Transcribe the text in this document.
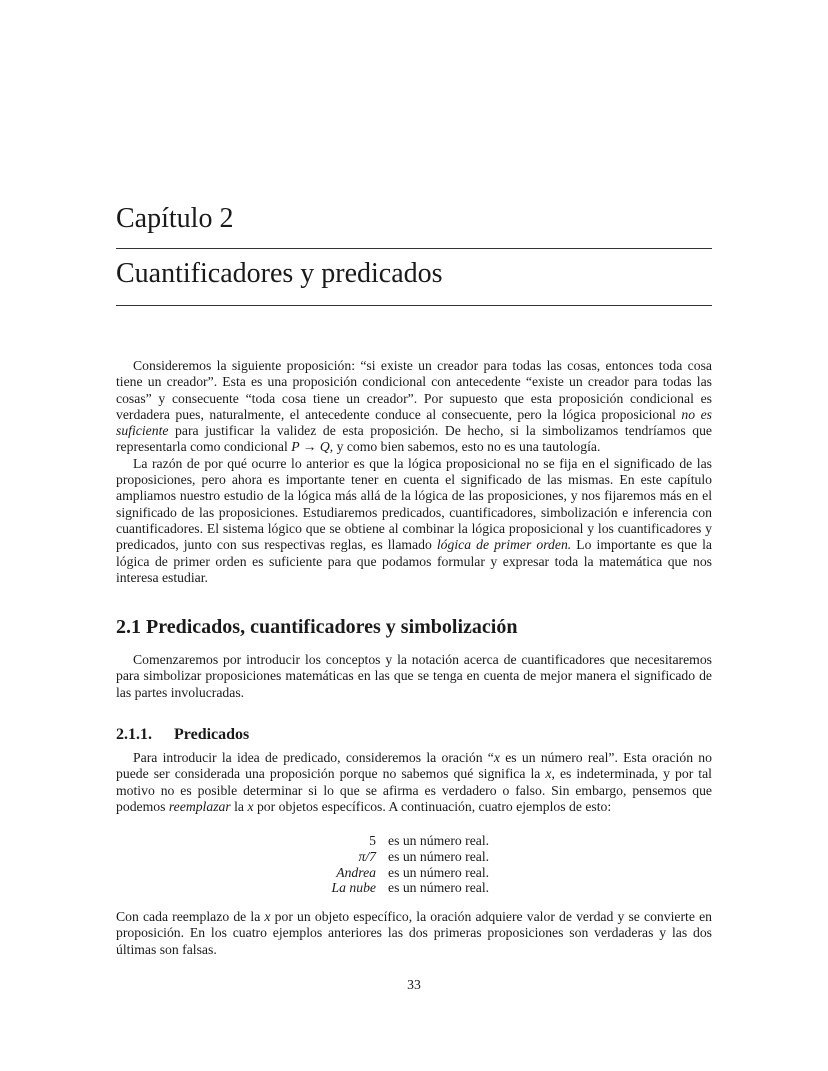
Capítulo 2
Cuantificadores y predicados

Consideremos la siguiente proposición: “si existe un creador para todas las cosas, entonces toda cosa tiene un creador”. Esta es una proposición condicional con antecedente “existe un creador para todas las cosas” y consecuente “toda cosa tiene un creador”. Por supuesto que esta proposición condicional es verdadera pues, naturalmente, el antecedente conduce al consecuente, pero la lógica proposicional no es suficiente para justificar la validez de esta proposición. De hecho, si la simbolizamos tendríamos que representarla como condicional P → Q, y como bien sabemos, esto no es una tautología.

La razón de por qué ocurre lo anterior es que la lógica proposicional no se fija en el significado de las proposiciones, pero ahora es importante tener en cuenta el significado de las mismas. En este capítulo ampliamos nuestro estudio de la lógica más allá de la lógica de las proposiciones, y nos fijaremos más en el significado de las proposiciones. Estudiaremos predicados, cuantificadores, simbolización e inferencia con cuantificadores. El sistema lógico que se obtiene al combinar la lógica proposicional y los cuantificadores y predicados, junto con sus respectivas reglas, es llamado lógica de primer orden. Lo importante es que la lógica de primer orden es suficiente para que podamos formular y expresar toda la matemática que nos interesa estudiar.

2.1 Predicados, cuantificadores y simbolización

Comenzaremos por introducir los conceptos y la notación acerca de cuantificadores que necesitaremos para simbolizar proposiciones matemáticas en las que se tenga en cuenta de mejor manera el significado de las partes involucradas.

2.1.1. Predicados

Para introducir la idea de predicado, consideremos la oración “x es un número real”. Esta oración no puede ser considerada una proposición porque no sabemos qué significa la x, es indeterminada, y por tal motivo no es posible determinar si lo que se afirma es verdadero o falso. Sin embargo, pensemos que podemos reemplazar la x por objetos específicos. A continuación, cuatro ejemplos de esto:

5 es un número real.
π/7 es un número real.
Andrea es un número real.
La nube es un número real.

Con cada reemplazo de la x por un objeto específico, la oración adquiere valor de verdad y se convierte en proposición. En los cuatro ejemplos anteriores las dos primeras proposiciones son verdaderas y las dos últimas son falsas.

33
